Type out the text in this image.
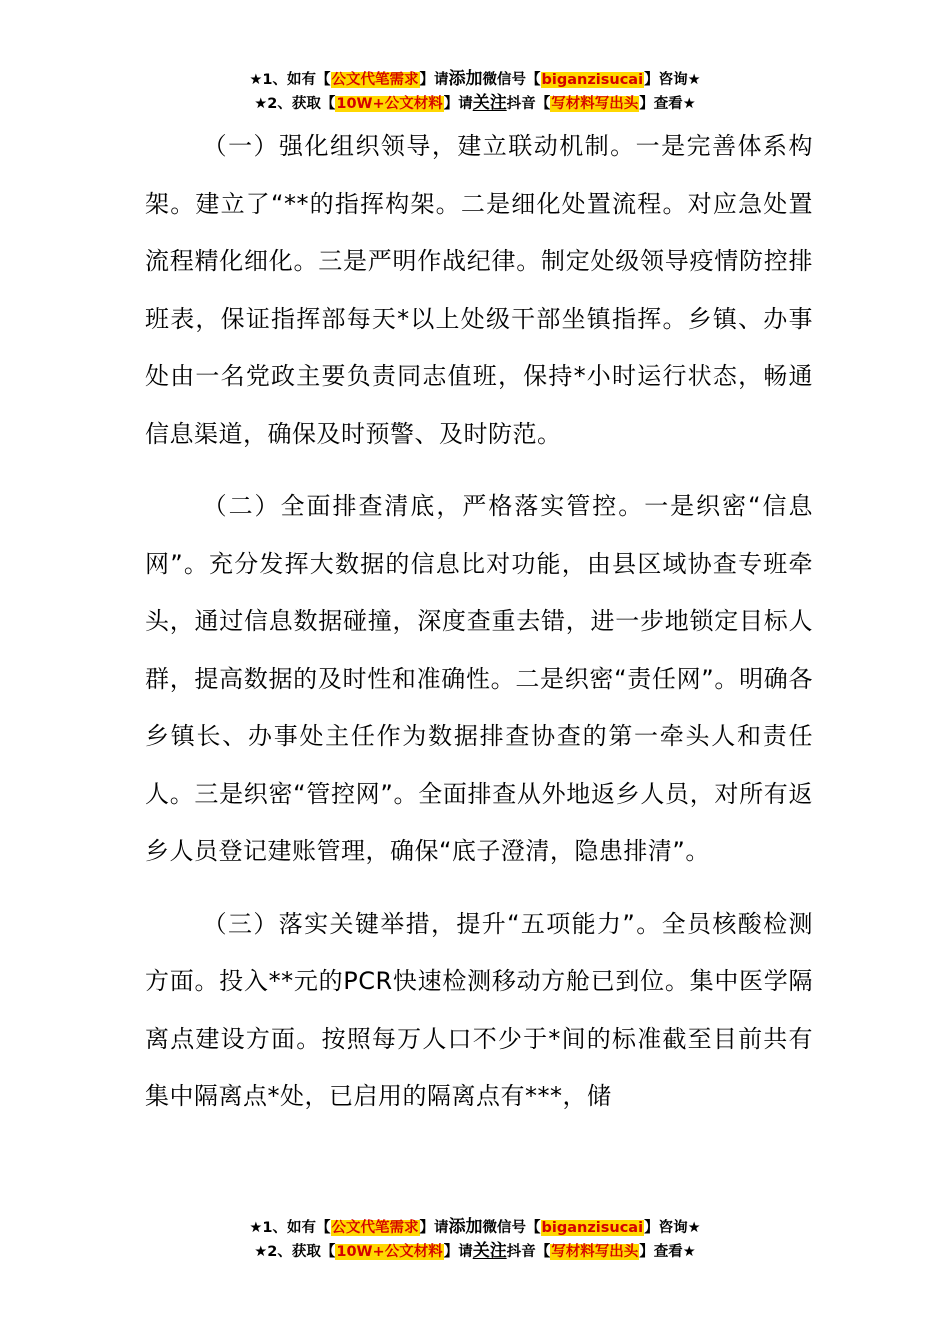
★1、如有【公文代笔需求】请添加微信号【biganzisucai】咨询★
★2、获取【10W+公文材料】请关注抖音【写材料写出头】查看★

（一）强化组织领导，建立联动机制。一是完善体系构架。建立了“**的指挥构架。二是细化处置流程。对应急处置流程精化细化。三是严明作战纪律。制定处级领导疫情防控排班表，保证指挥部每天*以上处级干部坐镇指挥。乡镇、办事处由一名党政主要负责同志值班，保持*小时运行状态，畅通信息渠道，确保及时预警、及时防范。

（二）全面排查清底，严格落实管控。一是织密“信息网”。充分发挥大数据的信息比对功能，由县区域协查专班牵头，通过信息数据碰撞，深度查重去错，进一步地锁定目标人群，提高数据的及时性和准确性。二是织密“责任网”。明确各乡镇长、办事处主任作为数据排查协查的第一牵头人和责任人。三是织密“管控网”。全面排查从外地返乡人员，对所有返乡人员登记建账管理，确保“底子澄清，隐患排清”。

（三）落实关键举措，提升“五项能力”。全员核酸检测方面。投入**元的PCR快速检测移动方舱已到位。集中医学隔离点建设方面。按照每万人口不少于*间的标准截至目前共有集中隔离点*处，已启用的隔离点有***，储

★1、如有【公文代笔需求】请添加微信号【biganzisucai】咨询★
★2、获取【10W+公文材料】请关注抖音【写材料写出头】查看★
